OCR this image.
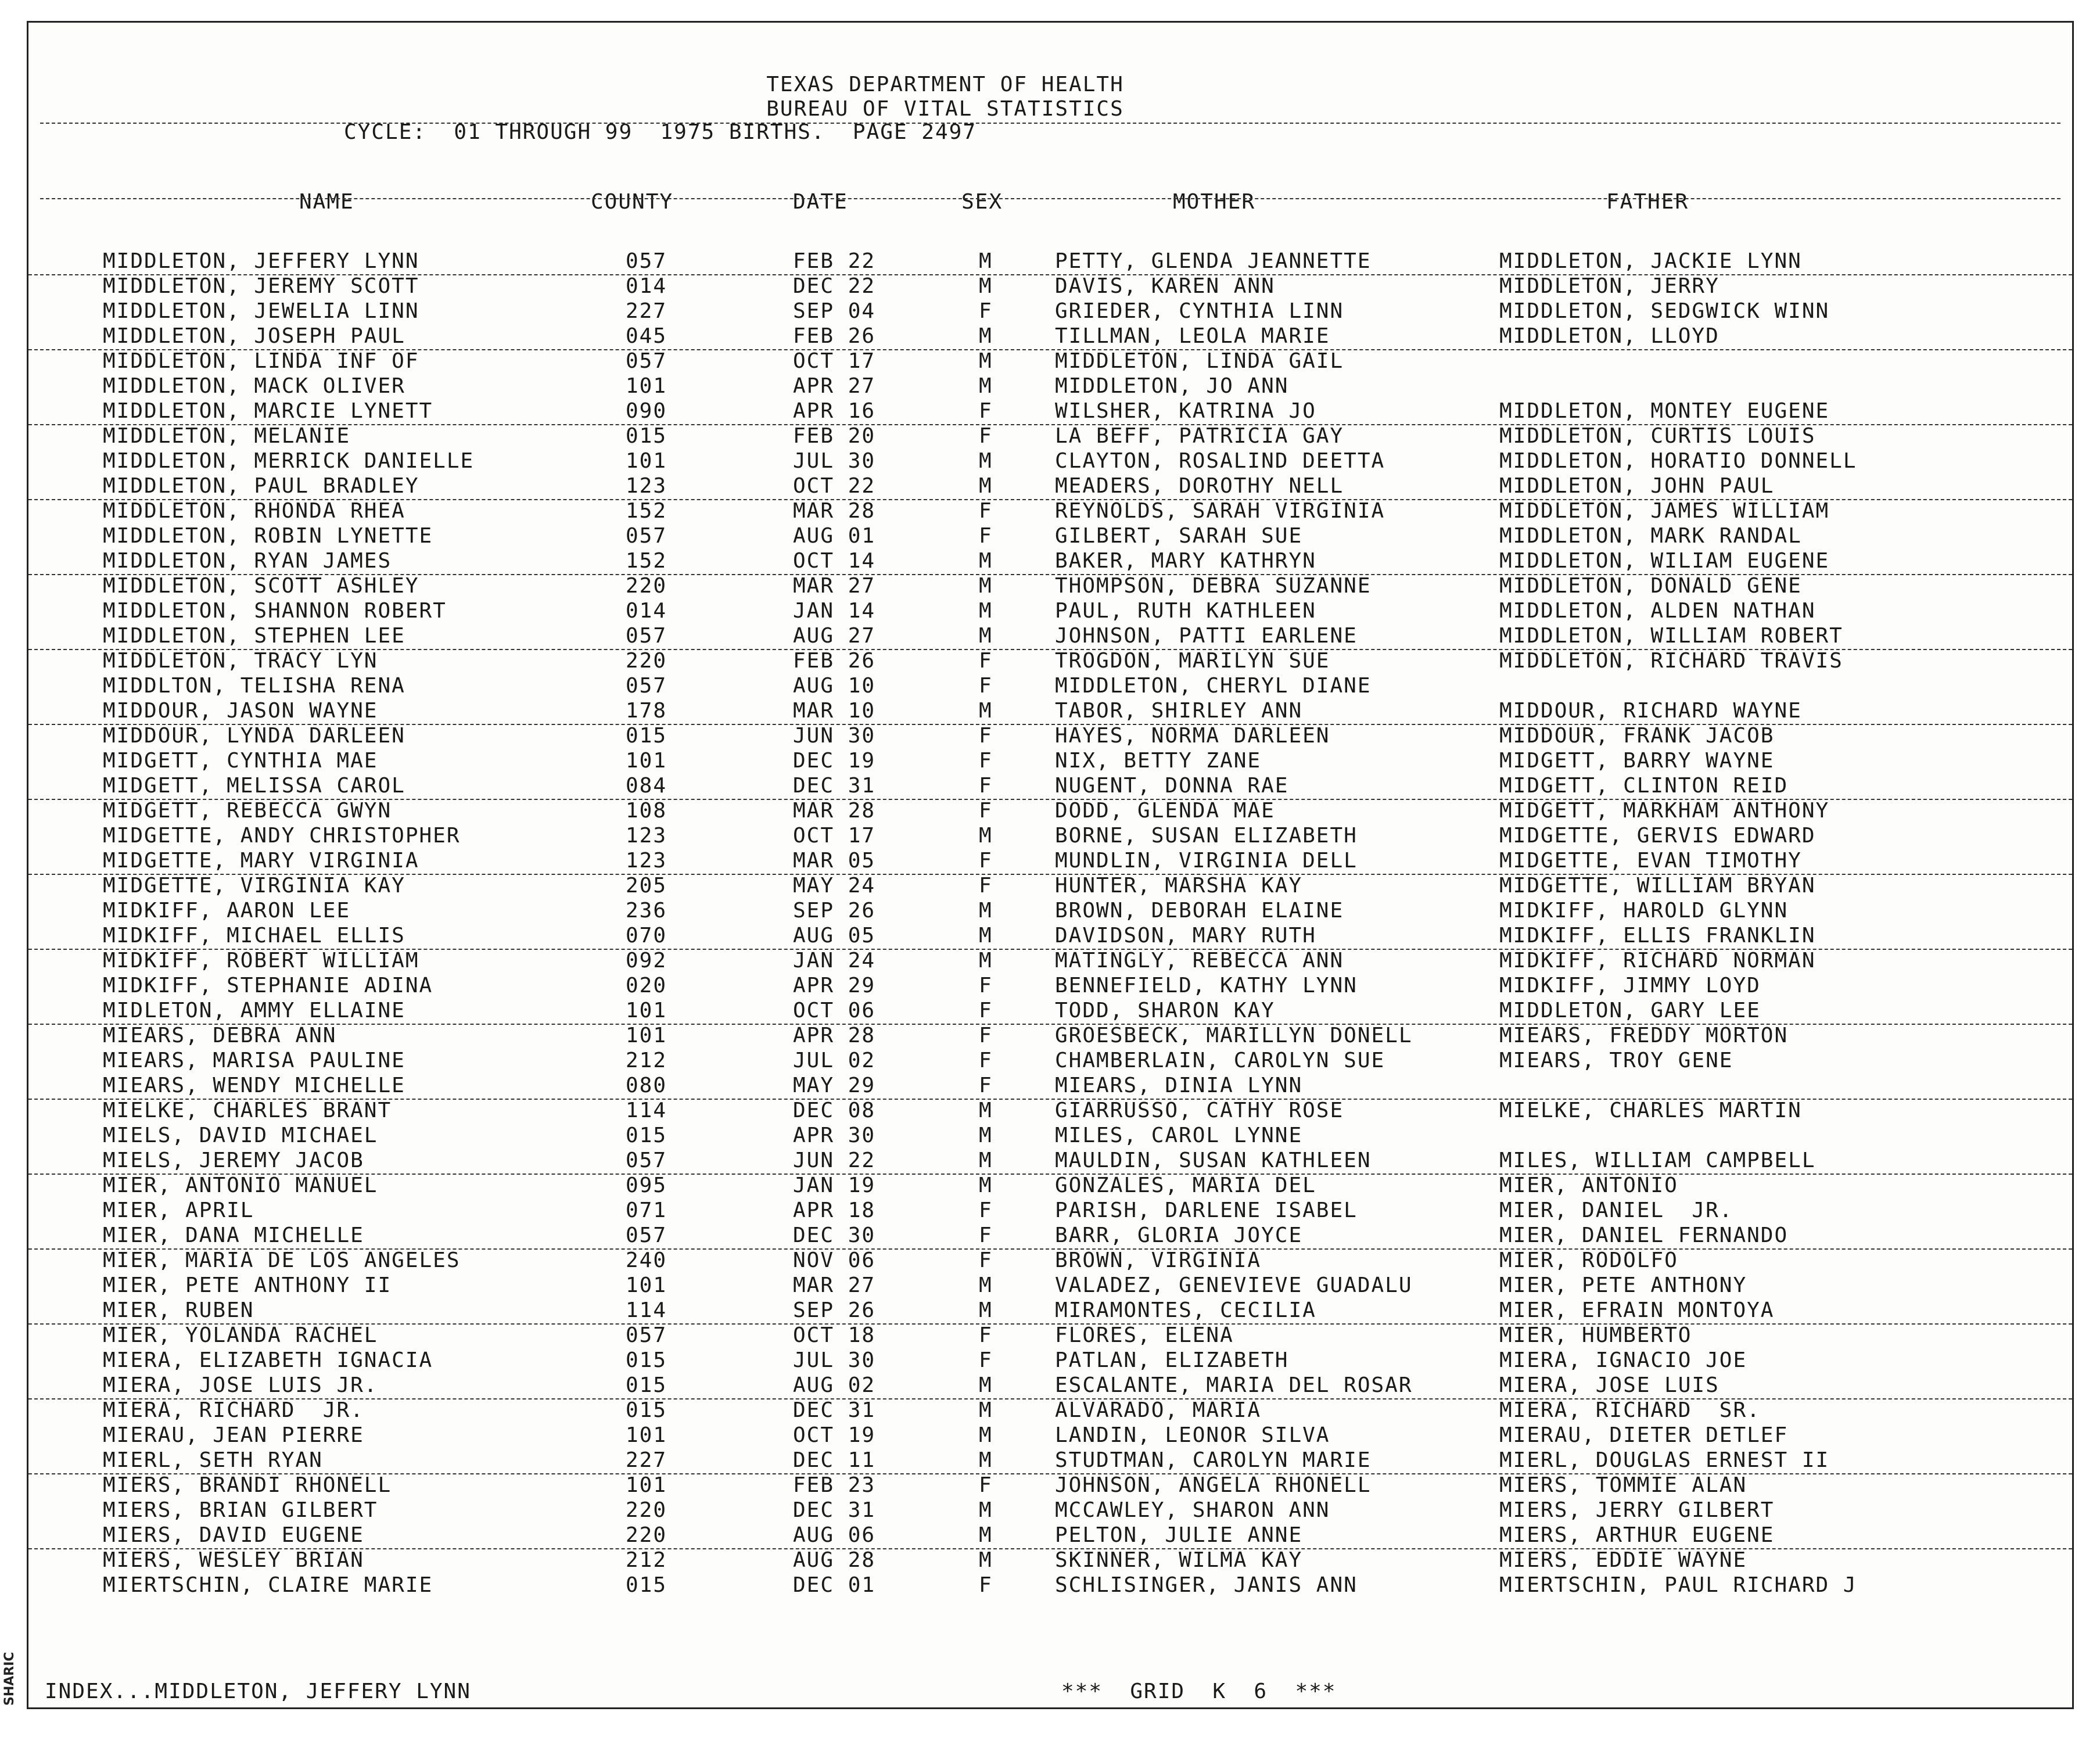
SHARIC
TEXAS DEPARTMENT OF HEALTH
BUREAU OF VITAL STATISTICS
CYCLE:  01 THROUGH 99  1975 BIRTHS.  PAGE 2497
NAME	COUNTY	DATE	SEX	MOTHER	FATHER
MIDDLETON, JEFFERY LYNN	057	FEB 22	M	PETTY, GLENDA JEANNETTE	MIDDLETON, JACKIE LYNN
MIDDLETON, JEREMY SCOTT	014	DEC 22	M	DAVIS, KAREN ANN	MIDDLETON, JERRY
MIDDLETON, JEWELIA LINN	227	SEP 04	F	GRIEDER, CYNTHIA LINN	MIDDLETON, SEDGWICK WINN
MIDDLETON, JOSEPH PAUL	045	FEB 26	M	TILLMAN, LEOLA MARIE	MIDDLETON, LLOYD
MIDDLETON, LINDA INF OF	057	OCT 17	M	MIDDLETON, LINDA GAIL
MIDDLETON, MACK OLIVER	101	APR 27	M	MIDDLETON, JO ANN
MIDDLETON, MARCIE LYNETT	090	APR 16	F	WILSHER, KATRINA JO	MIDDLETON, MONTEY EUGENE
MIDDLETON, MELANIE	015	FEB 20	F	LA BEFF, PATRICIA GAY	MIDDLETON, CURTIS LOUIS
MIDDLETON, MERRICK DANIELLE	101	JUL 30	M	CLAYTON, ROSALIND DEETTA	MIDDLETON, HORATIO DONNELL
MIDDLETON, PAUL BRADLEY	123	OCT 22	M	MEADERS, DOROTHY NELL	MIDDLETON, JOHN PAUL
MIDDLETON, RHONDA RHEA	152	MAR 28	F	REYNOLDS, SARAH VIRGINIA	MIDDLETON, JAMES WILLIAM
MIDDLETON, ROBIN LYNETTE	057	AUG 01	F	GILBERT, SARAH SUE	MIDDLETON, MARK RANDAL
MIDDLETON, RYAN JAMES	152	OCT 14	M	BAKER, MARY KATHRYN	MIDDLETON, WILIAM EUGENE
MIDDLETON, SCOTT ASHLEY	220	MAR 27	M	THOMPSON, DEBRA SUZANNE	MIDDLETON, DONALD GENE
MIDDLETON, SHANNON ROBERT	014	JAN 14	M	PAUL, RUTH KATHLEEN	MIDDLETON, ALDEN NATHAN
MIDDLETON, STEPHEN LEE	057	AUG 27	M	JOHNSON, PATTI EARLENE	MIDDLETON, WILLIAM ROBERT
MIDDLETON, TRACY LYN	220	FEB 26	F	TROGDON, MARILYN SUE	MIDDLETON, RICHARD TRAVIS
MIDDLTON, TELISHA RENA	057	AUG 10	F	MIDDLETON, CHERYL DIANE
MIDDOUR, JASON WAYNE	178	MAR 10	M	TABOR, SHIRLEY ANN	MIDDOUR, RICHARD WAYNE
MIDDOUR, LYNDA DARLEEN	015	JUN 30	F	HAYES, NORMA DARLEEN	MIDDOUR, FRANK JACOB
MIDGETT, CYNTHIA MAE	101	DEC 19	F	NIX, BETTY ZANE	MIDGETT, BARRY WAYNE
MIDGETT, MELISSA CAROL	084	DEC 31	F	NUGENT, DONNA RAE	MIDGETT, CLINTON REID
MIDGETT, REBECCA GWYN	108	MAR 28	F	DODD, GLENDA MAE	MIDGETT, MARKHAM ANTHONY
MIDGETTE, ANDY CHRISTOPHER	123	OCT 17	M	BORNE, SUSAN ELIZABETH	MIDGETTE, GERVIS EDWARD
MIDGETTE, MARY VIRGINIA	123	MAR 05	F	MUNDLIN, VIRGINIA DELL	MIDGETTE, EVAN TIMOTHY
MIDGETTE, VIRGINIA KAY	205	MAY 24	F	HUNTER, MARSHA KAY	MIDGETTE, WILLIAM BRYAN
MIDKIFF, AARON LEE	236	SEP 26	M	BROWN, DEBORAH ELAINE	MIDKIFF, HAROLD GLYNN
MIDKIFF, MICHAEL ELLIS	070	AUG 05	M	DAVIDSON, MARY RUTH	MIDKIFF, ELLIS FRANKLIN
MIDKIFF, ROBERT WILLIAM	092	JAN 24	M	MATINGLY, REBECCA ANN	MIDKIFF, RICHARD NORMAN
MIDKIFF, STEPHANIE ADINA	020	APR 29	F	BENNEFIELD, KATHY LYNN	MIDKIFF, JIMMY LOYD
MIDLETON, AMMY ELLAINE	101	OCT 06	F	TODD, SHARON KAY	MIDDLETON, GARY LEE
MIEARS, DEBRA ANN	101	APR 28	F	GROESBECK, MARILLYN DONELL	MIEARS, FREDDY MORTON
MIEARS, MARISA PAULINE	212	JUL 02	F	CHAMBERLAIN, CAROLYN SUE	MIEARS, TROY GENE
MIEARS, WENDY MICHELLE	080	MAY 29	F	MIEARS, DINIA LYNN
MIELKE, CHARLES BRANT	114	DEC 08	M	GIARRUSSO, CATHY ROSE	MIELKE, CHARLES MARTIN
MIELS, DAVID MICHAEL	015	APR 30	M	MILES, CAROL LYNNE
MIELS, JEREMY JACOB	057	JUN 22	M	MAULDIN, SUSAN KATHLEEN	MILES, WILLIAM CAMPBELL
MIER, ANTONIO MANUEL	095	JAN 19	M	GONZALES, MARIA DEL	MIER, ANTONIO
MIER, APRIL	071	APR 18	F	PARISH, DARLENE ISABEL	MIER, DANIEL  JR.
MIER, DANA MICHELLE	057	DEC 30	F	BARR, GLORIA JOYCE	MIER, DANIEL FERNANDO
MIER, MARIA DE LOS ANGELES	240	NOV 06	F	BROWN, VIRGINIA	MIER, RODOLFO
MIER, PETE ANTHONY II	101	MAR 27	M	VALADEZ, GENEVIEVE GUADALU	MIER, PETE ANTHONY
MIER, RUBEN	114	SEP 26	M	MIRAMONTES, CECILIA	MIER, EFRAIN MONTOYA
MIER, YOLANDA RACHEL	057	OCT 18	F	FLORES, ELENA	MIER, HUMBERTO
MIERA, ELIZABETH IGNACIA	015	JUL 30	F	PATLAN, ELIZABETH	MIERA, IGNACIO JOE
MIERA, JOSE LUIS JR.	015	AUG 02	M	ESCALANTE, MARIA DEL ROSAR	MIERA, JOSE LUIS
MIERA, RICHARD  JR.	015	DEC 31	M	ALVARADO, MARIA	MIERA, RICHARD  SR.
MIERAU, JEAN PIERRE	101	OCT 19	M	LANDIN, LEONOR SILVA	MIERAU, DIETER DETLEF
MIERL, SETH RYAN	227	DEC 11	M	STUDTMAN, CAROLYN MARIE	MIERL, DOUGLAS ERNEST II
MIERS, BRANDI RHONELL	101	FEB 23	F	JOHNSON, ANGELA RHONELL	MIERS, TOMMIE ALAN
MIERS, BRIAN GILBERT	220	DEC 31	M	MCCAWLEY, SHARON ANN	MIERS, JERRY GILBERT
MIERS, DAVID EUGENE	220	AUG 06	M	PELTON, JULIE ANNE	MIERS, ARTHUR EUGENE
MIERS, WESLEY BRIAN	212	AUG 28	M	SKINNER, WILMA KAY	MIERS, EDDIE WAYNE
MIERTSCHIN, CLAIRE MARIE	015	DEC 01	F	SCHLISINGER, JANIS ANN	MIERTSCHIN, PAUL RICHARD J
INDEX...MIDDLETON, JEFFERY LYNN	***  GRID  K  6  ***
